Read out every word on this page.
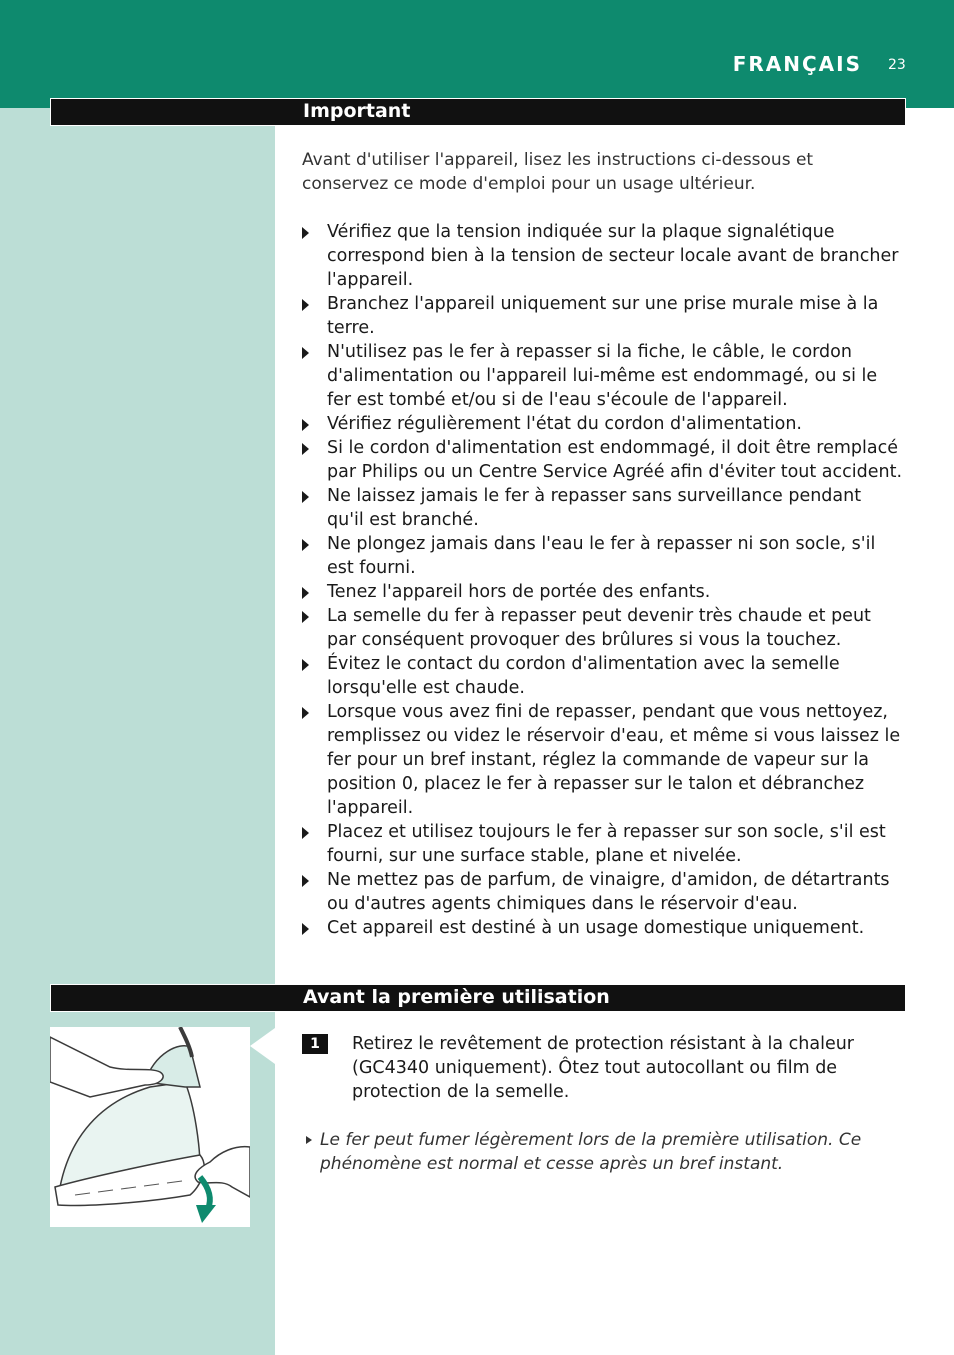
FRANÇAIS 23
Important
Avant d'utiliser l'appareil, lisez les instructions ci-dessous et conservez ce mode d'emploi pour un usage ultérieur.
Vérifiez que la tension indiquée sur la plaque signalétique correspond bien à la tension de secteur locale avant de brancher l'appareil.
Branchez l'appareil uniquement sur une prise murale mise à la terre.
N'utilisez pas le fer à repasser si la fiche, le câble, le cordon d'alimentation ou l'appareil lui-même est endommagé, ou si le fer est tombé et/ou si de l'eau s'écoule de l'appareil.
Vérifiez régulièrement l'état du cordon d'alimentation.
Si le cordon d'alimentation est endommagé, il doit être remplacé par Philips ou un Centre Service Agréé afin d'éviter tout accident.
Ne laissez jamais le fer à repasser sans surveillance pendant qu'il est branché.
Ne plongez jamais dans l'eau le fer à repasser ni son socle, s'il est fourni.
Tenez l'appareil hors de portée des enfants.
La semelle du fer à repasser peut devenir très chaude et peut par conséquent provoquer des brûlures si vous la touchez.
Évitez le contact du cordon d'alimentation avec la semelle lorsqu'elle est chaude.
Lorsque vous avez fini de repasser, pendant que vous nettoyez, remplissez ou videz le réservoir d'eau, et même si vous laissez le fer pour un bref instant, réglez la commande de vapeur sur la position 0, placez le fer à repasser sur le talon et débranchez l'appareil.
Placez et utilisez toujours le fer à repasser sur son socle, s'il est fourni, sur une surface stable, plane et nivelée.
Ne mettez pas de parfum, de vinaigre, d'amidon, de détartrants ou d'autres agents chimiques dans le réservoir d'eau.
Cet appareil est destiné à un usage domestique uniquement.
Avant la première utilisation
1	Retirez le revêtement de protection résistant à la chaleur (GC4340 uniquement). Ôtez tout autocollant ou film de protection de la semelle.
Le fer peut fumer légèrement lors de la première utilisation. Ce phénomène est normal et cesse après un bref instant.
